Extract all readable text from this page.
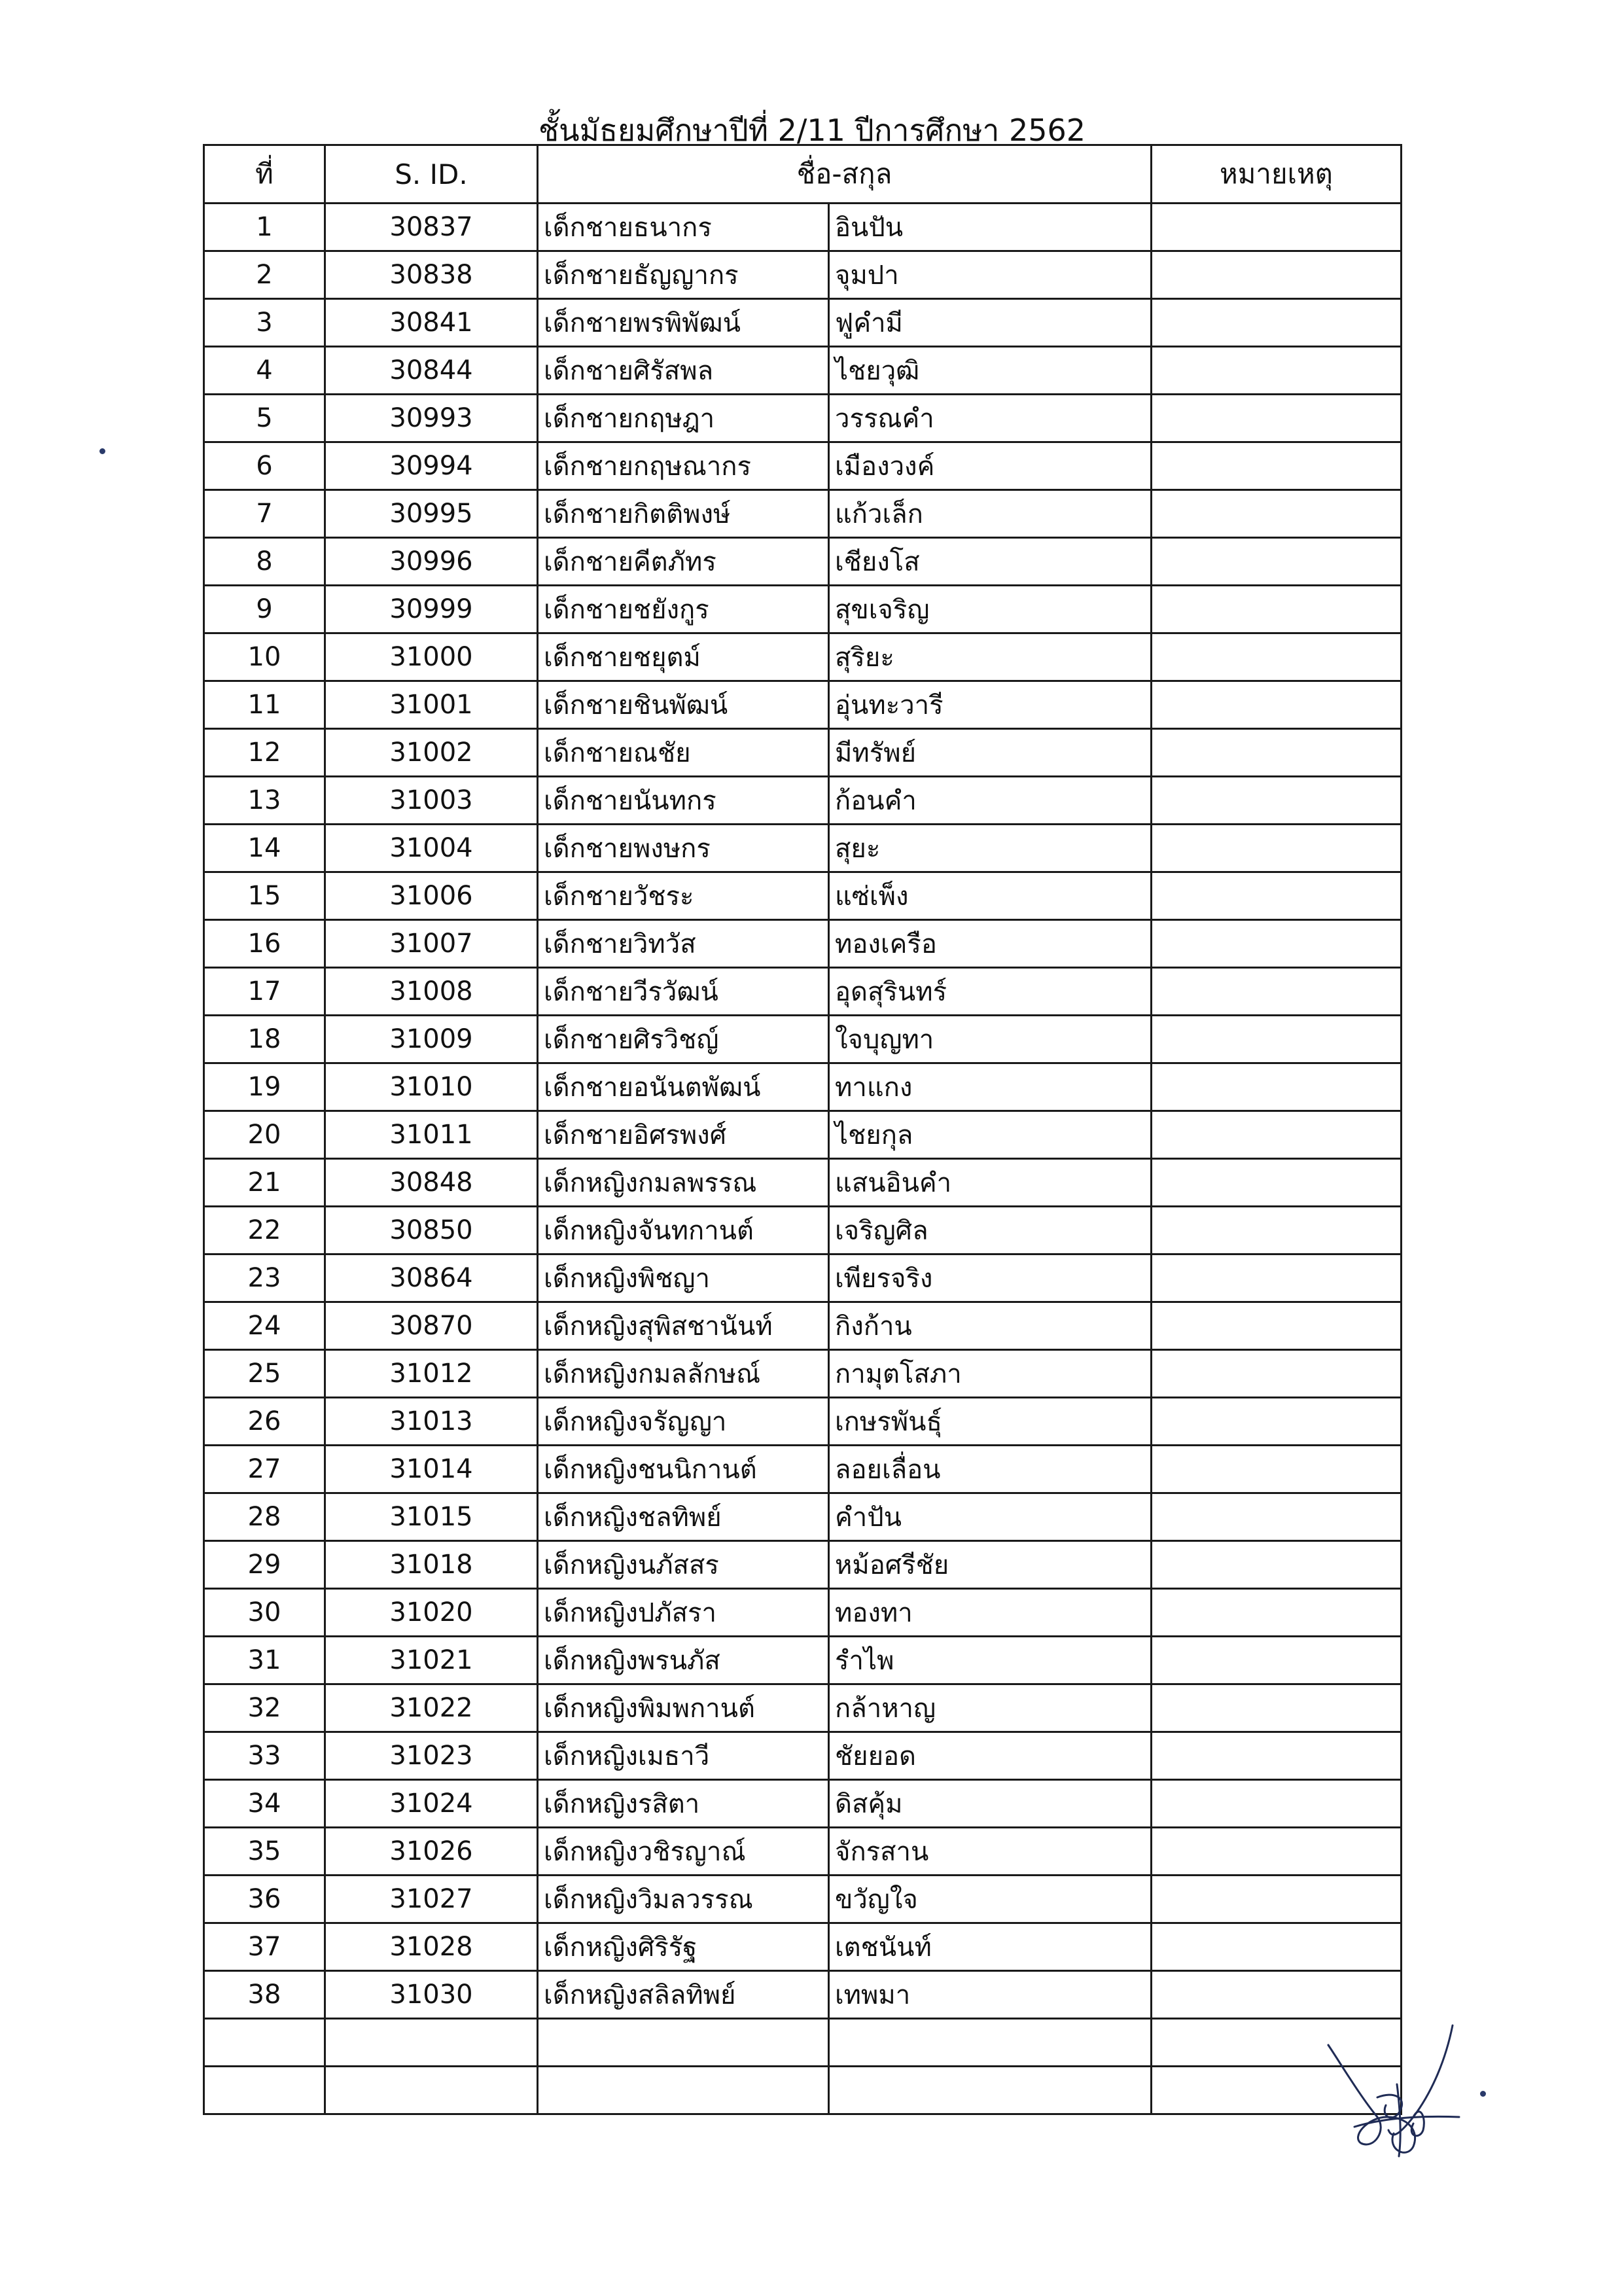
ชั้นมัธยมศึกษาปีที่ 2/11 ปีการศึกษา 2562
ที่	S. ID.	ชื่อ-สกุล		หมายเหตุ
1	30837	เด็กชายธนากร	อินปัน	
2	30838	เด็กชายธัญญากร	จุมปา	
3	30841	เด็กชายพรพิพัฒน์	ฟูคำมี	
4	30844	เด็กชายศิรัสพล	ไชยวุฒิ	
5	30993	เด็กชายกฤษฎา	วรรณคำ	
6	30994	เด็กชายกฤษณากร	เมืองวงค์	
7	30995	เด็กชายกิตติพงษ์	แก้วเล็ก	
8	30996	เด็กชายคีตภัทร	เชียงโส	
9	30999	เด็กชายชยังกูร	สุขเจริญ	
10	31000	เด็กชายชยุตม์	สุริยะ	
11	31001	เด็กชายชินพัฒน์	อุ่นทะวารี	
12	31002	เด็กชายณชัย	มีทรัพย์	
13	31003	เด็กชายนันทกร	ก้อนคำ	
14	31004	เด็กชายพงษกร	สุยะ	
15	31006	เด็กชายวัชระ	แซ่เพ็ง	
16	31007	เด็กชายวิทวัส	ทองเครือ	
17	31008	เด็กชายวีรวัฒน์	อุดสุรินทร์	
18	31009	เด็กชายศิรวิชญ์	ใจบุญทา	
19	31010	เด็กชายอนันตพัฒน์	ทาแกง	
20	31011	เด็กชายอิศรพงศ์	ไชยกุล	
21	30848	เด็กหญิงกมลพรรณ	แสนอินคำ	
22	30850	เด็กหญิงจันทกานต์	เจริญศิล	
23	30864	เด็กหญิงพิชญา	เพียรจริง	
24	30870	เด็กหญิงสุพิสชานันท์	กิงก้าน	
25	31012	เด็กหญิงกมลลักษณ์	กามุตโสภา	
26	31013	เด็กหญิงจรัญญา	เกษรพันธุ์	
27	31014	เด็กหญิงชนนิกานต์	ลอยเลื่อน	
28	31015	เด็กหญิงชลทิพย์	คำปัน	
29	31018	เด็กหญิงนภัสสร	หม้อศรีชัย	
30	31020	เด็กหญิงปภัสรา	ทองทา	
31	31021	เด็กหญิงพรนภัส	รำไพ	
32	31022	เด็กหญิงพิมพกานต์	กล้าหาญ	
33	31023	เด็กหญิงเมธาวี	ชัยยอด	
34	31024	เด็กหญิงรสิตา	ดิสคุ้ม	
35	31026	เด็กหญิงวชิรญาณ์	จักรสาน	
36	31027	เด็กหญิงวิมลวรรณ	ขวัญใจ	
37	31028	เด็กหญิงศิริรัฐ	เตชนันท์	
38	31030	เด็กหญิงสลิลทิพย์	เทพมา	
